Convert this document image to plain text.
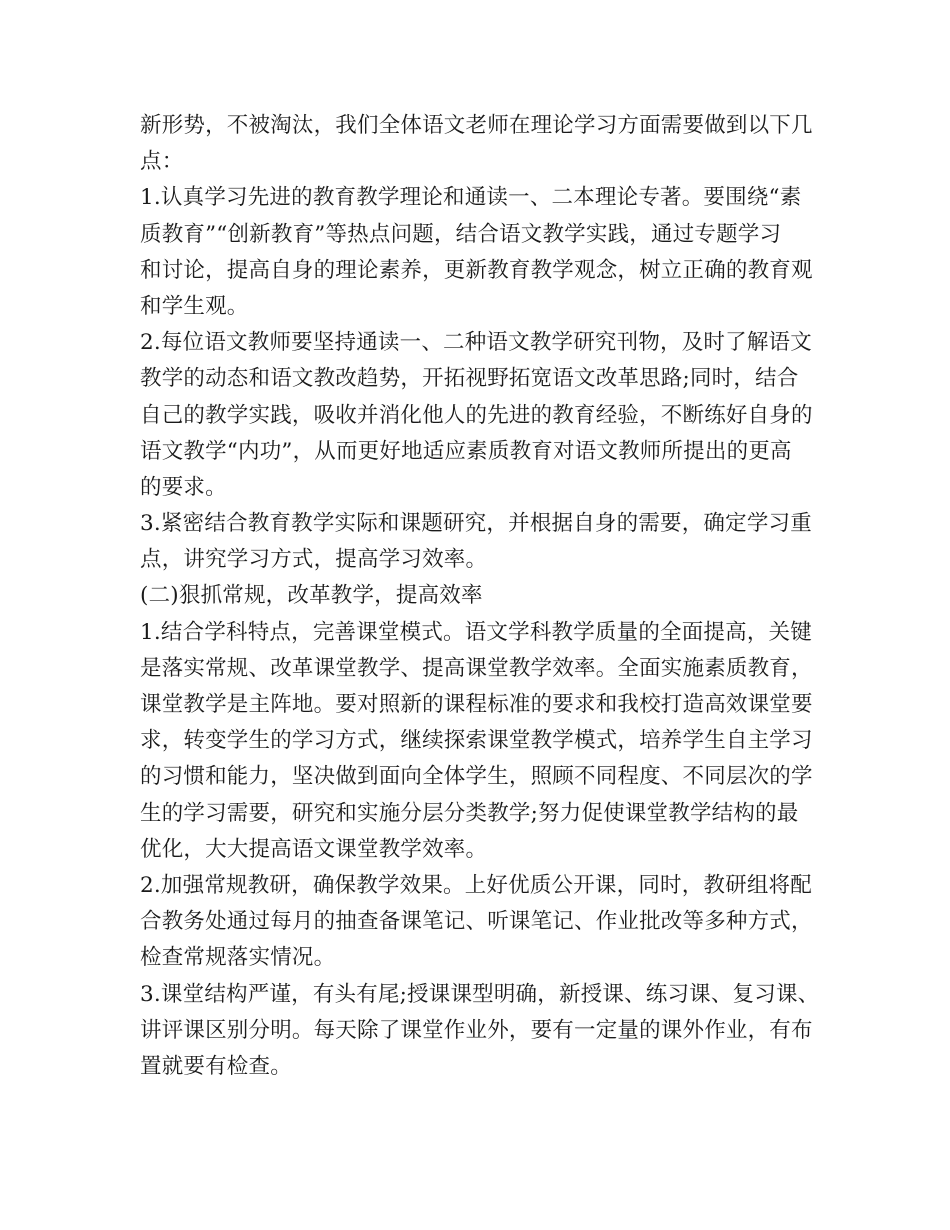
新形势，不被淘汰，我们全体语文老师在理论学习方面需要做到以下几
点：
1.认真学习先进的教育教学理论和通读一、二本理论专著。要围绕“素
质教育”“创新教育”等热点问题，结合语文教学实践，通过专题学习
和讨论，提高自身的理论素养，更新教育教学观念，树立正确的教育观
和学生观。
2.每位语文教师要坚持通读一、二种语文教学研究刊物，及时了解语文
教学的动态和语文教改趋势，开拓视野拓宽语文改革思路;同时，结合
自己的教学实践，吸收并消化他人的先进的教育经验，不断练好自身的
语文教学“内功”，从而更好地适应素质教育对语文教师所提出的更高
的要求。
3.紧密结合教育教学实际和课题研究，并根据自身的需要，确定学习重
点，讲究学习方式，提高学习效率。
(二)狠抓常规，改革教学，提高效率
1.结合学科特点，完善课堂模式。语文学科教学质量的全面提高，关键
是落实常规、改革课堂教学、提高课堂教学效率。全面实施素质教育，
课堂教学是主阵地。要对照新的课程标准的要求和我校打造高效课堂要
求，转变学生的学习方式，继续探索课堂教学模式，培养学生自主学习
的习惯和能力，坚决做到面向全体学生，照顾不同程度、不同层次的学
生的学习需要，研究和实施分层分类教学;努力促使课堂教学结构的最
优化，大大提高语文课堂教学效率。
2.加强常规教研，确保教学效果。上好优质公开课，同时，教研组将配
合教务处通过每月的抽查备课笔记、听课笔记、作业批改等多种方式，
检查常规落实情况。
3.课堂结构严谨，有头有尾;授课课型明确，新授课、练习课、复习课、
讲评课区别分明。每天除了课堂作业外，要有一定量的课外作业，有布
置就要有检查。
